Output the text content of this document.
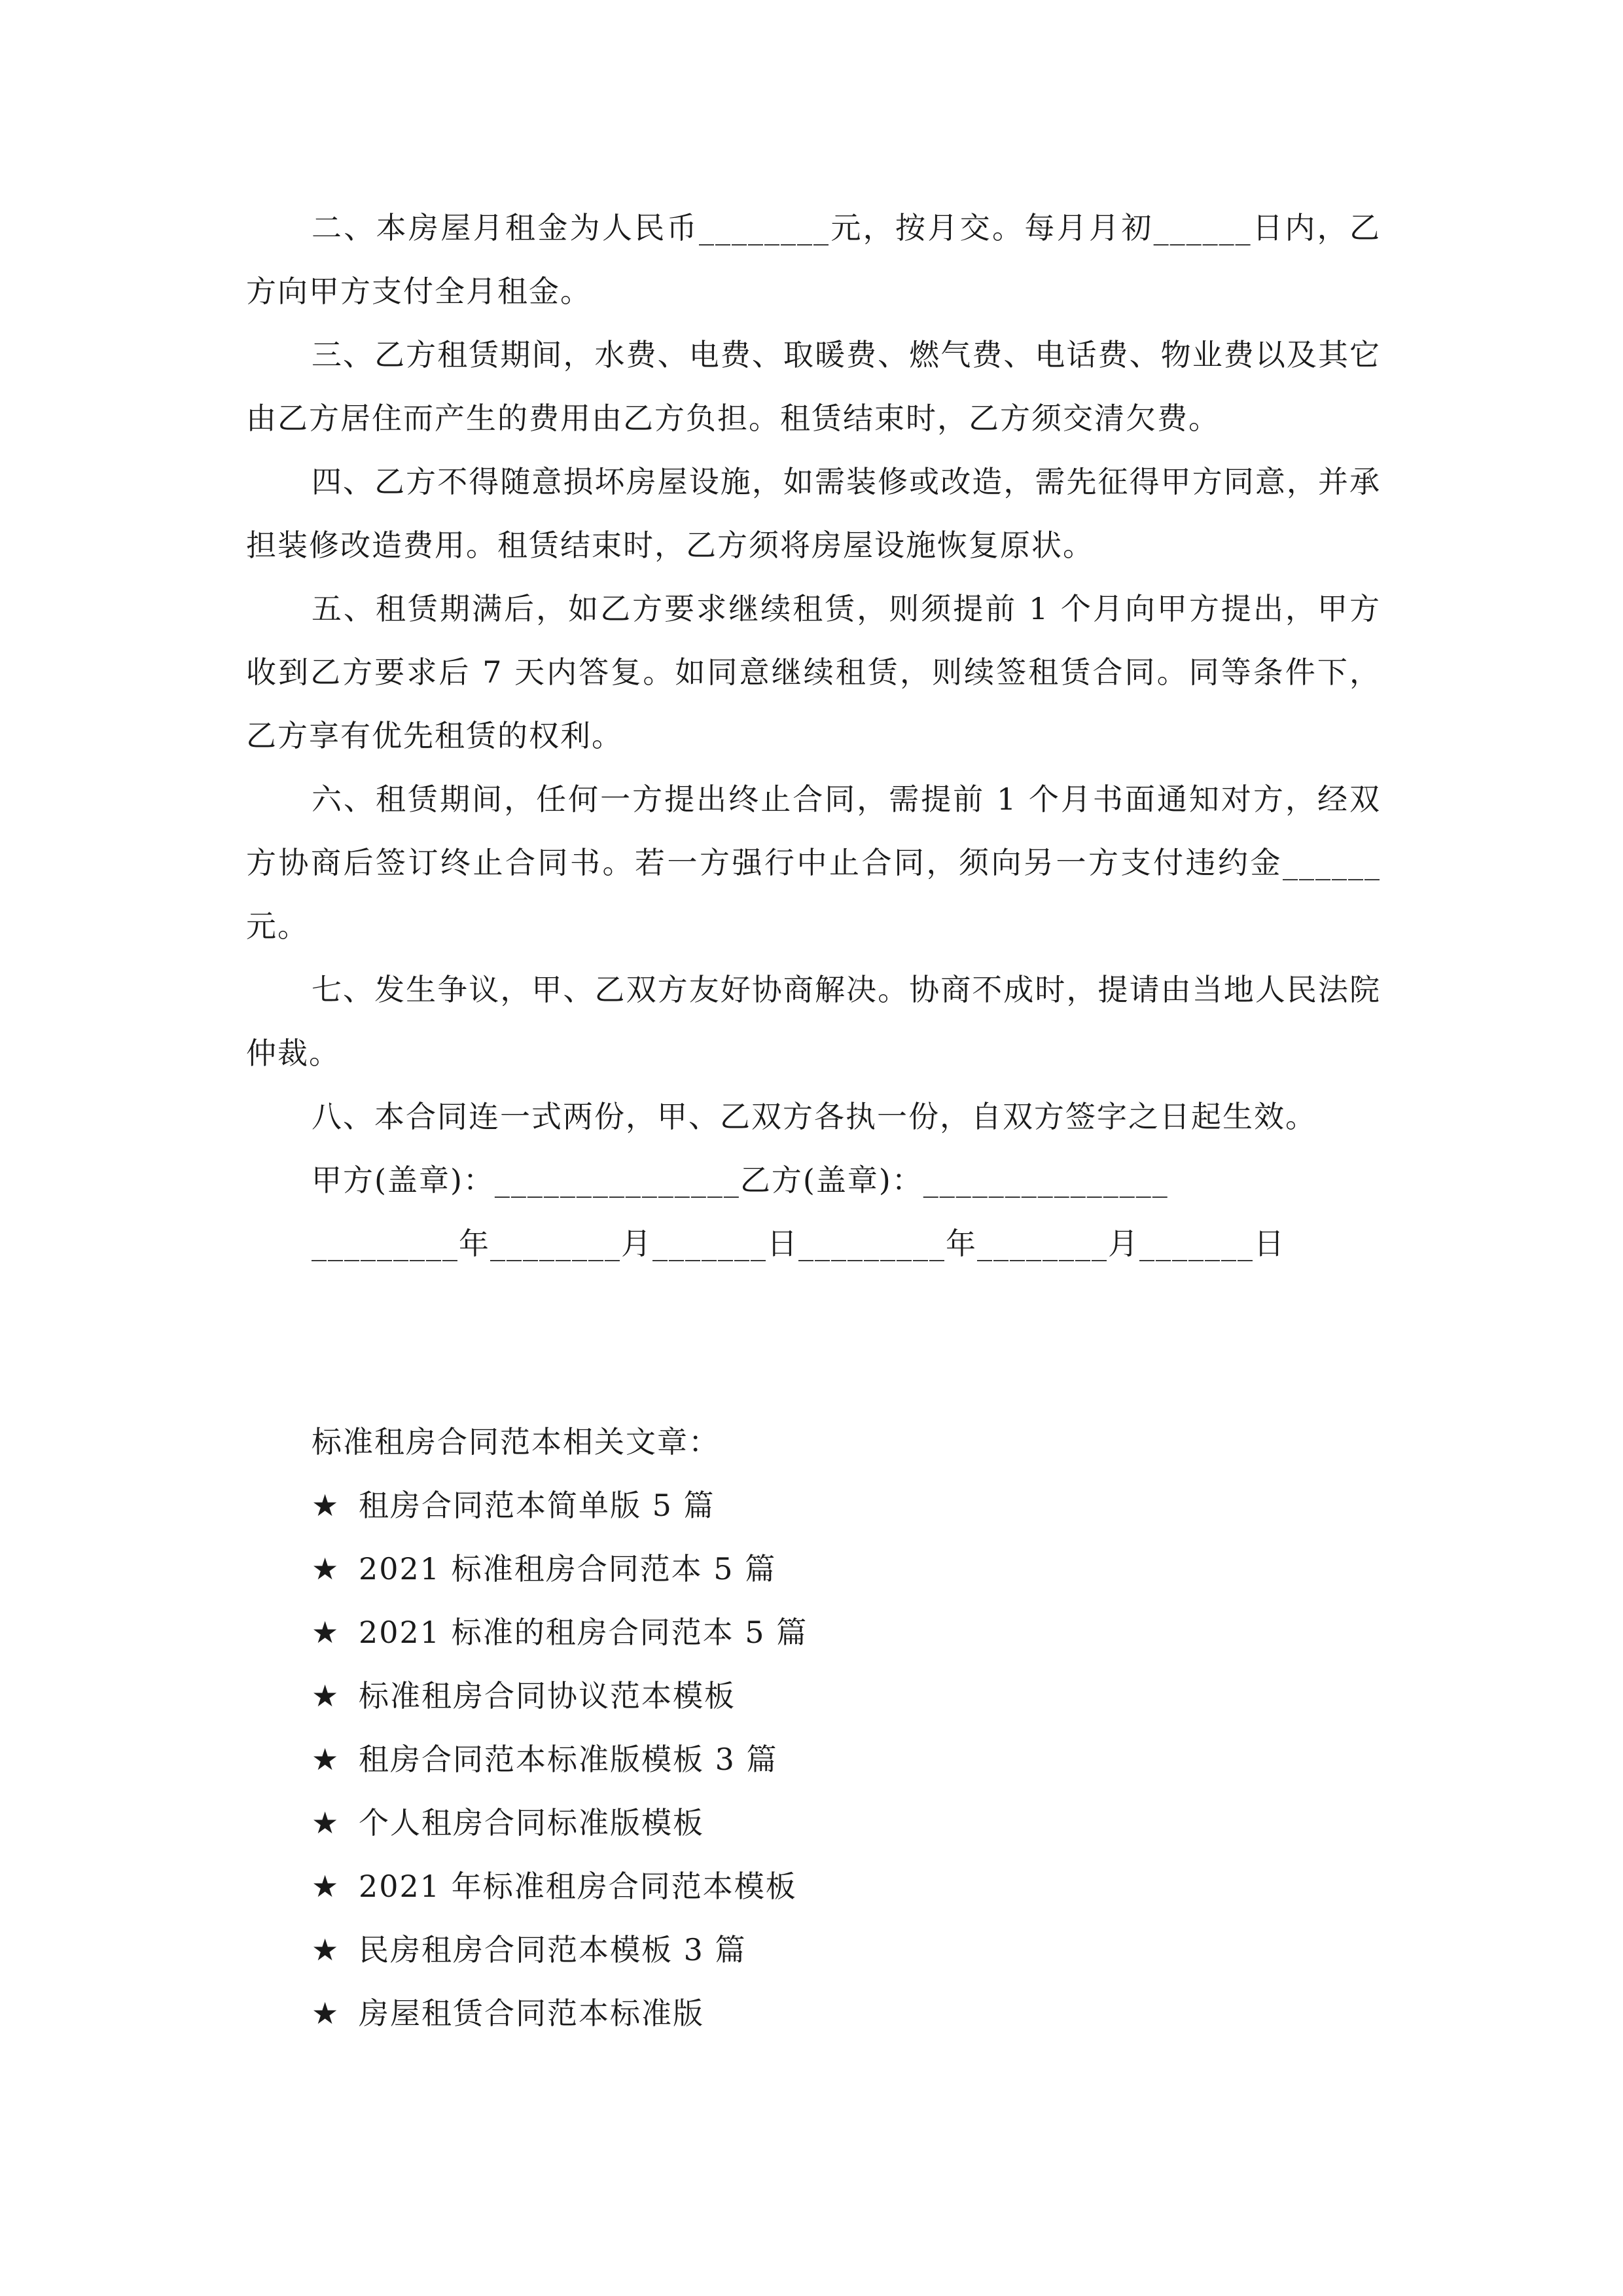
二、本房屋月租金为人民币________元，按月交。每月月初______日内，乙方向甲方支付全月租金。

三、乙方租赁期间，水费、电费、取暖费、燃气费、电话费、物业费以及其它由乙方居住而产生的费用由乙方负担。租赁结束时，乙方须交清欠费。

四、乙方不得随意损坏房屋设施，如需装修或改造，需先征得甲方同意，并承担装修改造费用。租赁结束时，乙方须将房屋设施恢复原状。

五、租赁期满后，如乙方要求继续租赁，则须提前 1 个月向甲方提出，甲方收到乙方要求后 7 天内答复。如同意继续租赁，则续签租赁合同。同等条件下，乙方享有优先租赁的权利。

六、租赁期间，任何一方提出终止合同，需提前 1 个月书面通知对方，经双方协商后签订终止合同书。若一方强行中止合同，须向另一方支付违约金______元。

七、发生争议，甲、乙双方友好协商解决。协商不成时，提请由当地人民法院仲裁。

八、本合同连一式两份，甲、乙双方各执一份，自双方签字之日起生效。

甲方(盖章)：_______________乙方(盖章)：_______________

_________年________月_______日_________年________月_______日

标准租房合同范本相关文章：

★ 租房合同范本简单版 5 篇
★ 2021 标准租房合同范本 5 篇
★ 2021 标准的租房合同范本 5 篇
★ 标准租房合同协议范本模板
★ 租房合同范本标准版模板 3 篇
★ 个人租房合同标准版模板
★ 2021 年标准租房合同范本模板
★ 民房租房合同范本模板 3 篇
★ 房屋租赁合同范本标准版
